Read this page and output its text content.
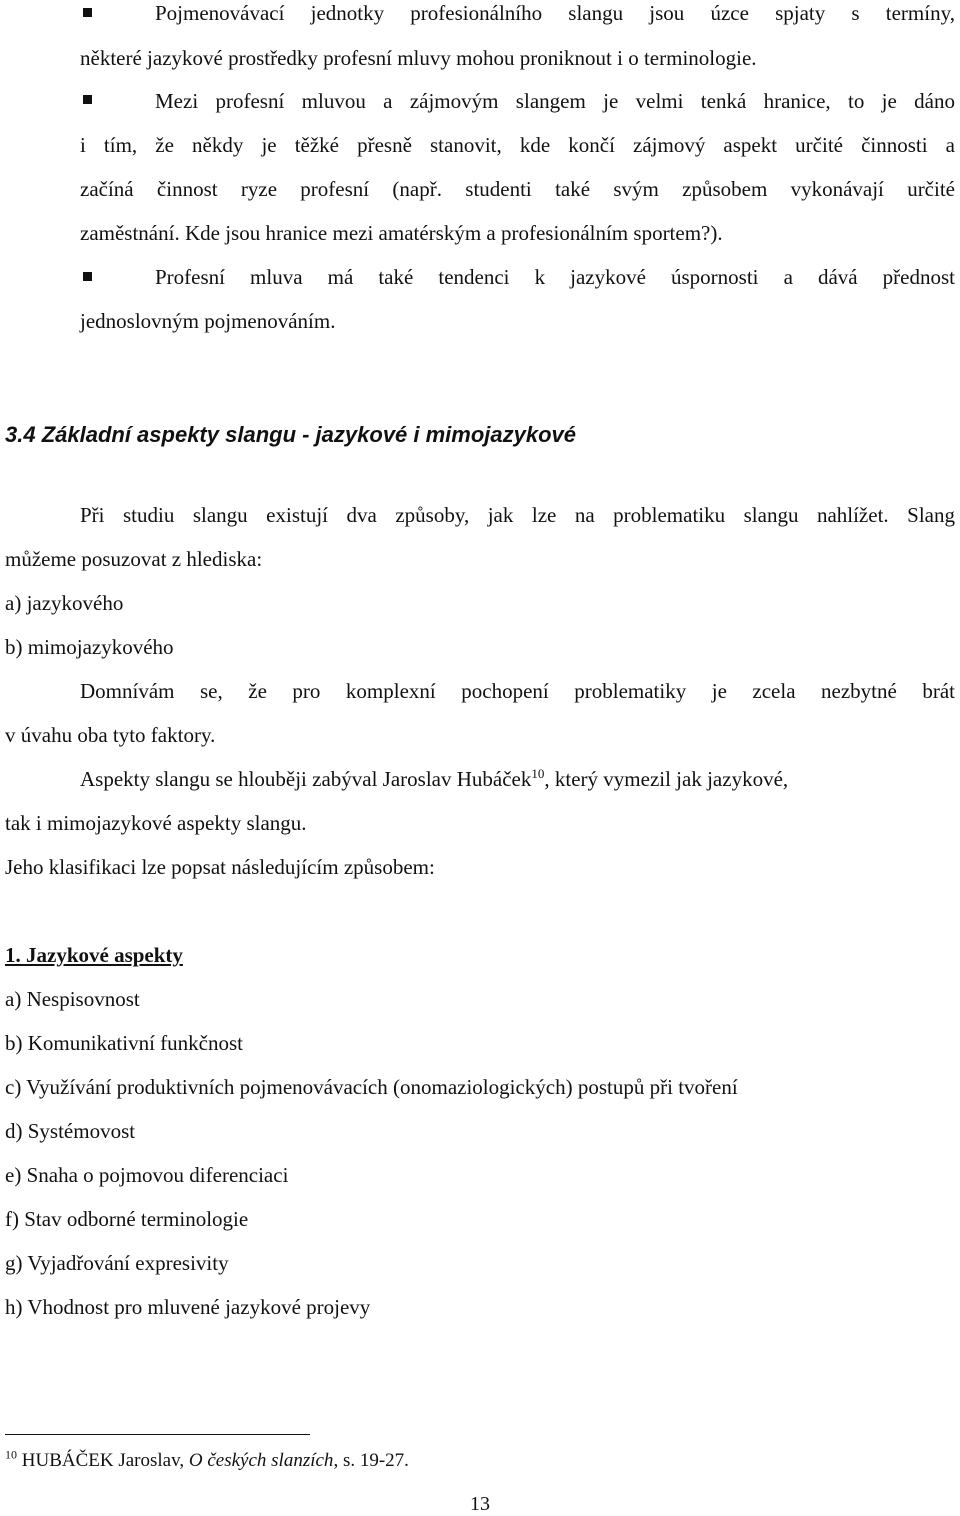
Pojmenovávací jednotky profesionálního slangu jsou úzce spjaty s termíny,
některé jazykové prostředky profesní mluvy mohou proniknout i o terminologie.
Mezi profesní mluvou a zájmovým slangem je velmi tenká hranice, to je dáno
i tím, že někdy je těžké přesně stanovit, kde končí zájmový aspekt určité činnosti a
začíná činnost ryze profesní (např. studenti také svým způsobem vykonávají určité
zaměstnání. Kde jsou hranice mezi amatérským a profesionálním sportem?).
Profesní mluva má také tendenci k jazykové úspornosti a dává přednost
jednoslovným pojmenováním.
3.4 Základní aspekty slangu - jazykové i mimojazykové
Při studiu slangu existují dva způsoby, jak lze na problematiku slangu nahlížet. Slang
můžeme posuzovat z hlediska:
a) jazykového
b) mimojazykového
Domnívám se, že pro komplexní pochopení problematiky je zcela nezbytné brát
v úvahu oba tyto faktory.
Aspekty slangu se hlouběji zabýval Jaroslav Hubáček$^{10}$, který vymezil jak jazykové,
tak i mimojazykové aspekty slangu.
Jeho klasifikaci lze popsat následujícím způsobem:
1. Jazykové aspekty
a) Nespisovnost
b) Komunikativní funkčnost
c) Využívání produktivních pojmenovávacích (onomaziologických) postupů při tvoření
d) Systémovost
e) Snaha o pojmovou diferenciaci
f) Stav odborné terminologie
g) Vyjadřování expresivity
h) Vhodnost pro mluvené jazykové projevy
$^{10}$ HUBÁČEK Jaroslav, O českých slanzích, s. 19-27.
13
